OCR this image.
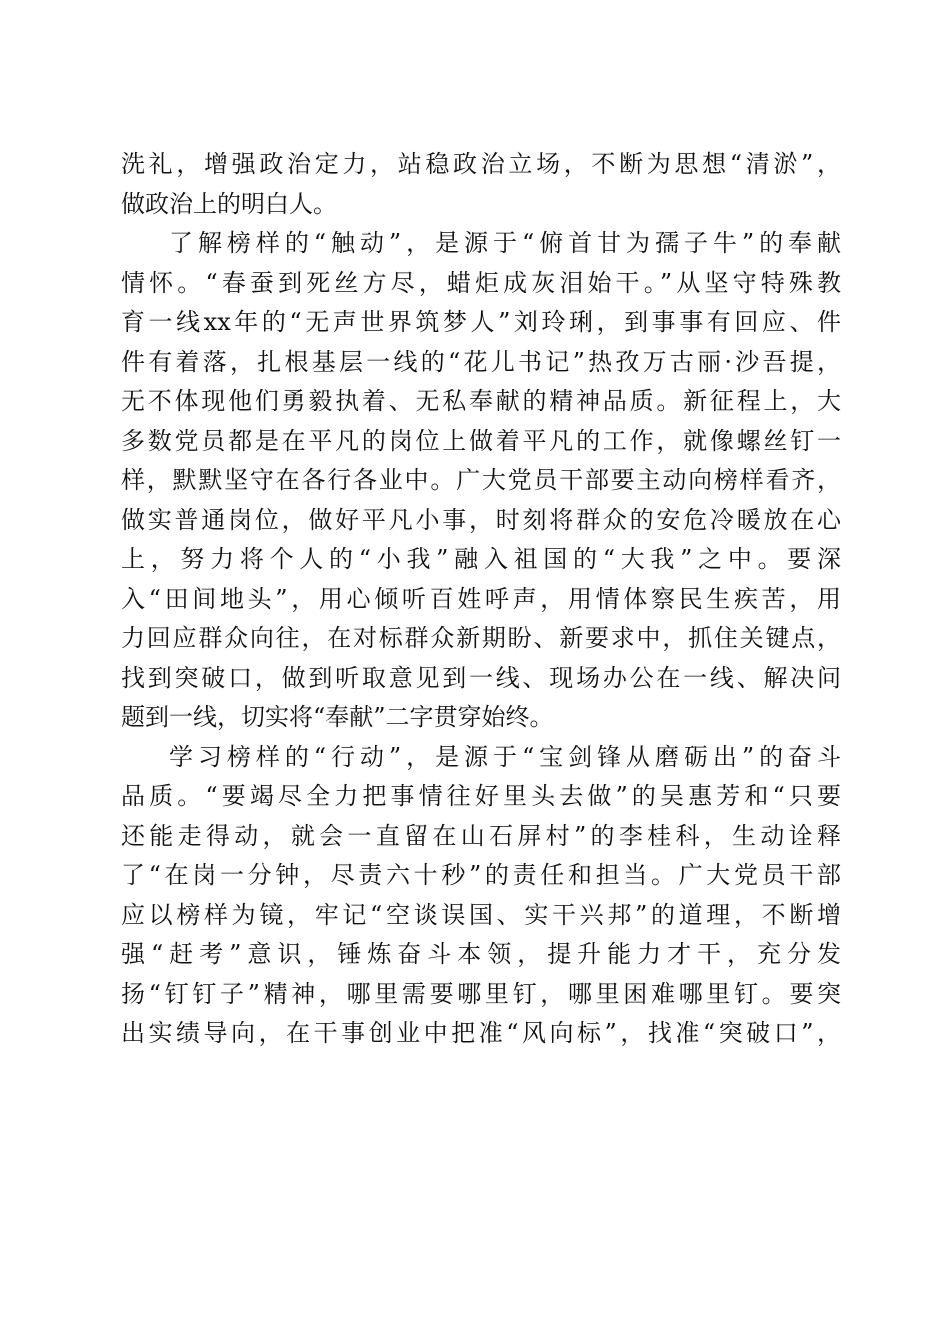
洗礼，增强政治定力，站稳政治立场，不断为思想“清淤”，
做政治上的明白人。
了解榜样的“触动”，是源于“俯首甘为孺子牛”的奉献
情怀。“春蚕到死丝方尽，蜡炬成灰泪始干。”从坚守特殊教
育一线xx年的“无声世界筑梦人”刘玲琍，到事事有回应、件
件有着落，扎根基层一线的“花儿书记”热孜万古丽·沙吾提，
无不体现他们勇毅执着、无私奉献的精神品质。新征程上，大
多数党员都是在平凡的岗位上做着平凡的工作，就像螺丝钉一
样，默默坚守在各行各业中。广大党员干部要主动向榜样看齐，
做实普通岗位，做好平凡小事，时刻将群众的安危冷暖放在心
上，努力将个人的“小我”融入祖国的“大我”之中。要深
入“田间地头”，用心倾听百姓呼声，用情体察民生疾苦，用
力回应群众向往，在对标群众新期盼、新要求中，抓住关键点，
找到突破口，做到听取意见到一线、现场办公在一线、解决问
题到一线，切实将“奉献”二字贯穿始终。
学习榜样的“行动”，是源于“宝剑锋从磨砺出”的奋斗
品质。“要竭尽全力把事情往好里头去做”的吴惠芳和“只要
还能走得动，就会一直留在山石屏村”的李桂科，生动诠释
了“在岗一分钟，尽责六十秒”的责任和担当。广大党员干部
应以榜样为镜，牢记“空谈误国、实干兴邦”的道理，不断增
强“赶考”意识，锤炼奋斗本领，提升能力才干，充分发
扬“钉钉子”精神，哪里需要哪里钉，哪里困难哪里钉。要突
出实绩导向，在干事创业中把准“风向标”，找准“突破口”，
